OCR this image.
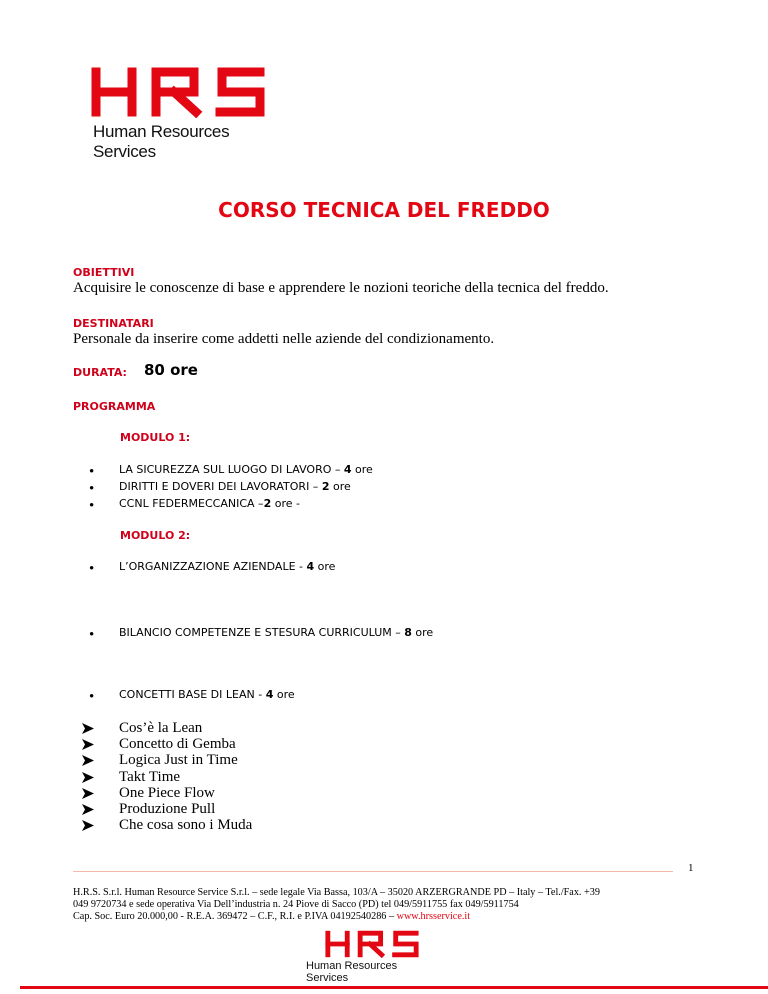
Human Resources Services
CORSO TECNICA DEL FREDDO
OBIETTIVI
Acquisire le conoscenze di base e apprendere le nozioni teoriche della tecnica del freddo.
DESTINATARI
Personale da inserire come addetti nelle aziende del condizionamento.
DURATA: 80 ore
PROGRAMMA
MODULO 1:
• LA SICUREZZA SUL LUOGO DI LAVORO – 4 ore
• DIRITTI E DOVERI DEI LAVORATORI – 2 ore
• CCNL FEDERMECCANICA –2 ore -
MODULO 2:
• L’ORGANIZZAZIONE AZIENDALE - 4 ore
• BILANCIO COMPETENZE E STESURA CURRICULUM – 8 ore
• CONCETTI BASE DI LEAN - 4 ore
Cos’è la Lean
Concetto di Gemba
Logica Just in Time
Takt Time
One Piece Flow
Produzione Pull
Che cosa sono i Muda
1
H.R.S. S.r.l. Human Resource Service S.r.l. – sede legale Via Bassa, 103/A – 35020 ARZERGRANDE PD – Italy – Tel./Fax. +39
049 9720734 e sede operativa Via Dell’industria n. 24 Piove di Sacco (PD) tel 049/5911755 fax 049/5911754
Cap. Soc. Euro 20.000,00 - R.E.A. 369472 – C.F., R.I. e P.IVA 04192540286 – www.hrsservice.it
Human Resources Services
